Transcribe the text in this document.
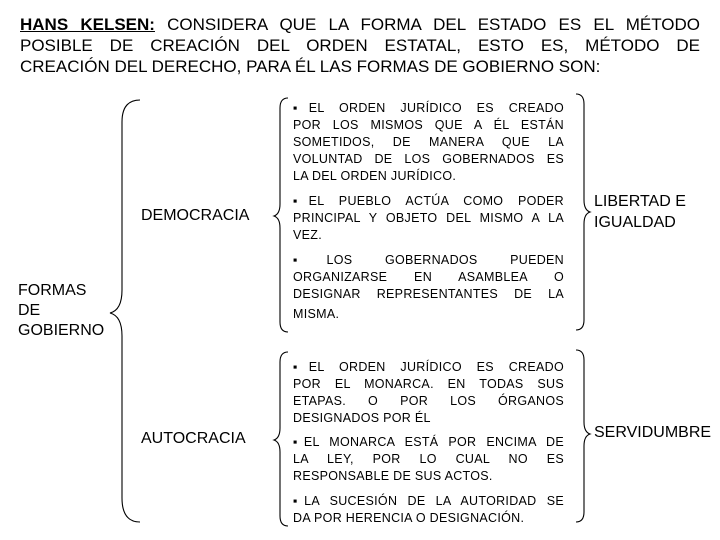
HANS KELSEN: CONSIDERA QUE LA FORMA DEL ESTADO ES EL MÉTODO
POSIBLE DE CREACIÓN DEL ORDEN ESTATAL, ESTO ES, MÉTODO DE
CREACIÓN DEL DERECHO, PARA ÉL LAS FORMAS DE GOBIERNO SON:
FORMAS
DE
GOBIERNO
DEMOCRACIA
AUTOCRACIA
▪EL ORDEN JURÍDICO ES CREADO
POR LOS MISMOS QUE A ÉL ESTÁN
SOMETIDOS, DE MANERA QUE LA
VOLUNTAD DE LOS GOBERNADOS ES
LA DEL ORDEN JURÍDICO.
▪EL PUEBLO ACTÚA COMO PODER
PRINCIPAL Y OBJETO DEL MISMO A LA
VEZ.
▪LOS GOBERNADOS PUEDEN
ORGANIZARSE EN ASAMBLEA O
DESIGNAR REPRESENTANTES DE LA
MISMA.
▪EL ORDEN JURÍDICO ES CREADO
POR EL MONARCA. EN TODAS SUS
ETAPAS. O POR LOS ÓRGANOS
DESIGNADOS POR ÉL
▪EL MONARCA ESTÁ POR ENCIMA DE
LA LEY, POR LO CUAL NO ES
RESPONSABLE DE SUS ACTOS.
▪LA SUCESIÓN DE LA AUTORIDAD SE
DA POR HERENCIA O DESIGNACIÓN.
LIBERTAD E
IGUALDAD
SERVIDUMBRE
